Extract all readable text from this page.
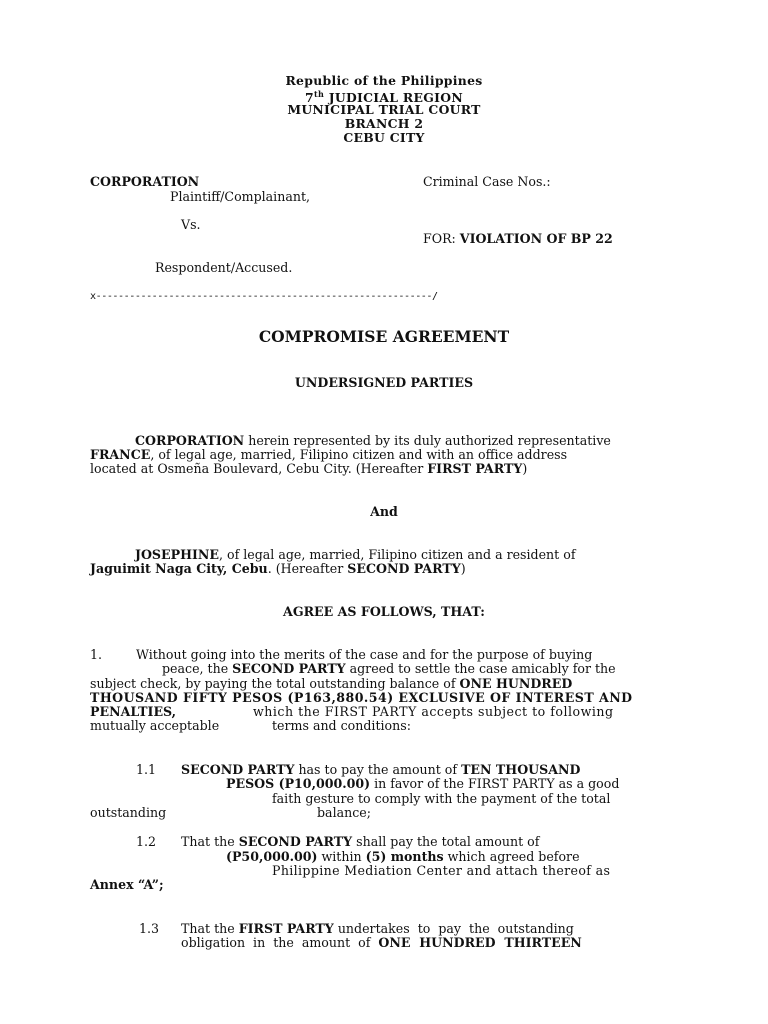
Republic of the Philippines
7th JUDICIAL REGION
MUNICIPAL TRIAL COURT
BRANCH 2
CEBU CITY
CORPORATION
Plaintiff/Complainant,
Vs.
Respondent/Accused.
Criminal Case Nos.:
FOR: VIOLATION OF BP 22
x------------------------------------------------------------/
COMPROMISE AGREEMENT
UNDERSIGNED PARTIES
CORPORATION herein represented by its duly authorized representative
FRANCE, of legal age, married, Filipino citizen and with an office address
located at Osmeña Boulevard, Cebu City. (Hereafter FIRST PARTY)
And
JOSEPHINE, of legal age, married, Filipino citizen and a resident of
Jaguimit Naga City, Cebu. (Hereafter SECOND PARTY)
AGREE AS FOLLOWS, THAT:
1.	Without going into the merits of the case and for the purpose of buying
peace, the SECOND PARTY agreed to settle the case amicably for the
subject check, by paying the total outstanding balance of ONE HUNDRED
THOUSAND FIFTY PESOS (P163,880.54) EXCLUSIVE OF INTEREST AND
PENALTIES,	which the FIRST PARTY accepts subject to following
mutually acceptable	terms and conditions:
1.1 SECOND PARTY has to pay the amount of TEN THOUSAND
PESOS (P10,000.00) in favor of the FIRST PARTY as a good
faith gesture to comply with the payment of the total
outstanding	balance;
1.2 That the SECOND PARTY shall pay the total amount of
(P50,000.00) within (5) months which agreed before
Philippine Mediation Center and attach thereof as
Annex “A”;
1.3 That the FIRST PARTY undertakes  to  pay  the  outstanding
obligation  in  the  amount  of  ONE  HUNDRED  THIRTEEN
